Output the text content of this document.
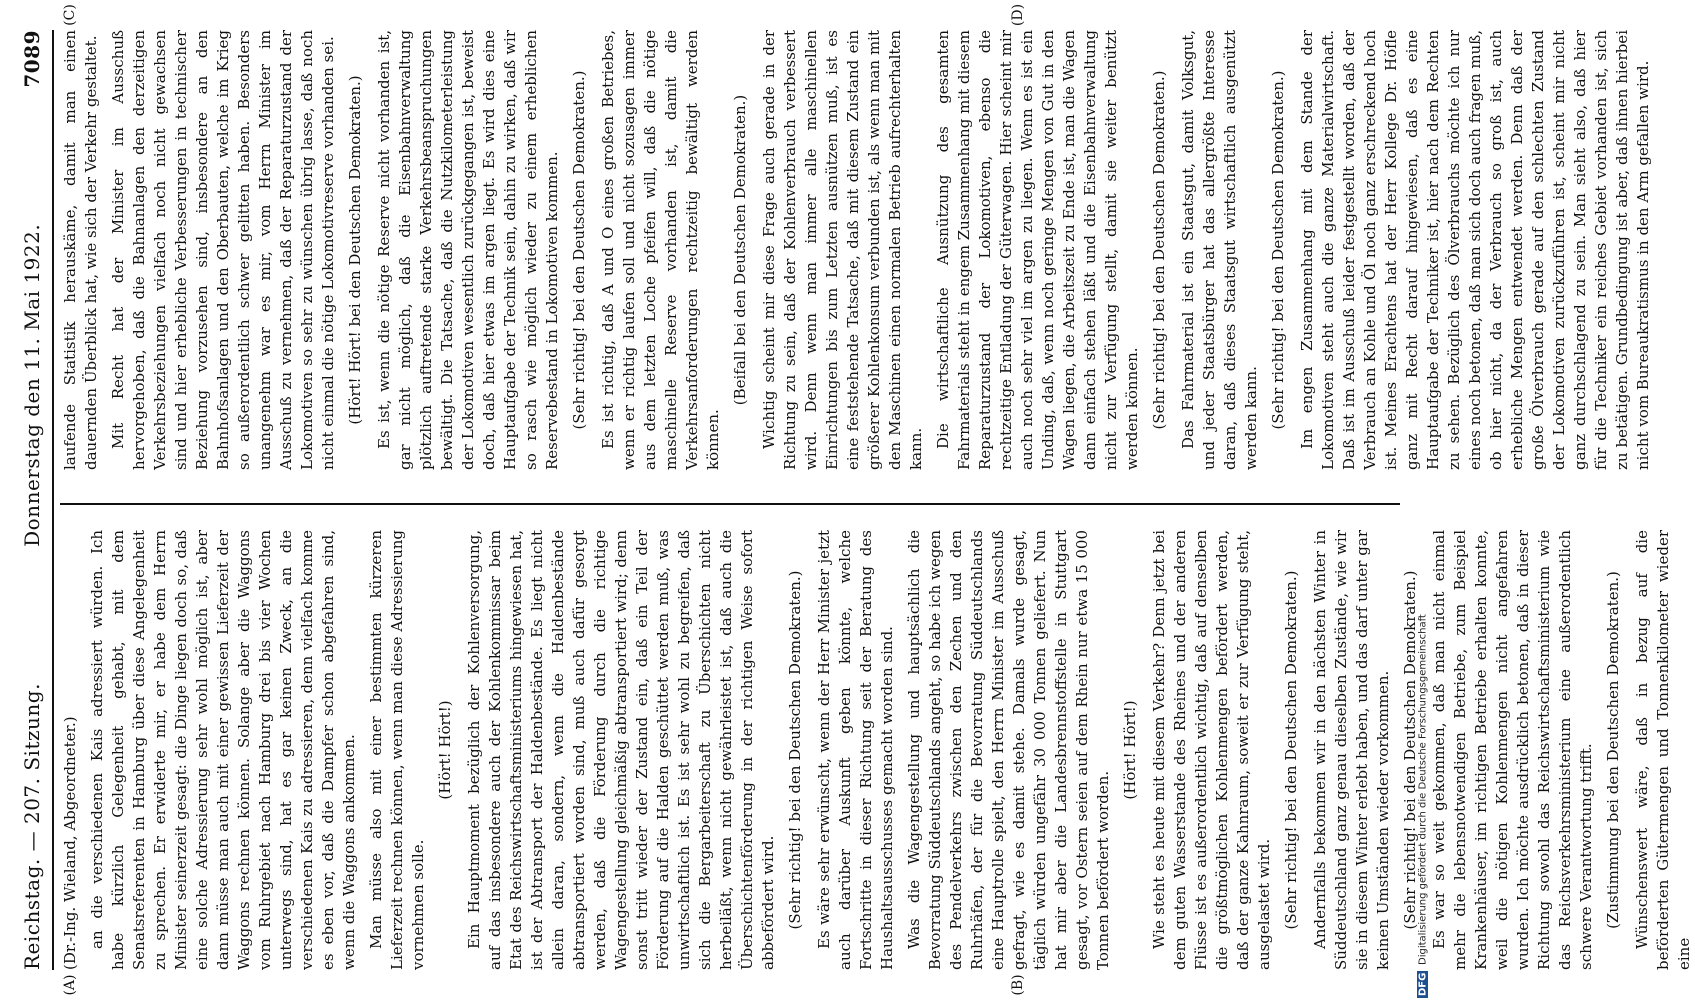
Reichstag. — 207. Sitzung.
Donnerstag den 11. Mai 1922.
7089
(A)	(B)
(C)	(D)

(Dr.-Ing. Wieland, Abgeordneter.) an die verschiedenen Kais adressiert würden. Ich habe kürzlich Gelegenheit gehabt, mit dem Senatsreferenten in Hamburg über diese Angelegenheit zu sprechen. Er erwiderte mir, er habe dem Herrn Minister seinerzeit gesagt: die Dinge liegen doch so, daß eine solche Adressierung sehr wohl möglich ist, aber dann müsse man auch mit einer gewissen Lieferzeit der Waggons rechnen können. Solange aber die Waggons vom Ruhrgebiet nach Hamburg drei bis vier Wochen unterwegs sind, hat es gar keinen Zweck, an die verschiedenen Kais zu adressieren, denn vielfach komme es eben vor, daß die Dampfer schon abgefahren sind, wenn die Waggons ankommen. Man müsse also mit einer bestimmten kürzeren Lieferzeit rechnen können, wenn man diese Adressierung vornehmen solle.

(Hört! Hört!) Ein Hauptmoment bezüglich der Kohlenversorgung, auf das insbesondere auch der Kohlenkommissar beim Etat des Reichswirtschaftsministeriums hingewiesen hat, ist der Abtransport der Haldenbestände. Es liegt nicht allein daran, sondern, wenn die Haldenbestände abtransportiert worden sind, muß auch dafür gesorgt werden, daß die Förderung durch die richtige Wagengestellung gleichmäßig abtransportiert wird; denn sonst tritt wieder der Zustand ein, daß ein Teil der Förderung auf die Halden geschüttet werden muß, was unwirtschaftlich ist. Es ist sehr wohl zu begreifen, daß sich die Bergarbeiterschaft zu Überschichten nicht herbeiläßt, wenn nicht gewährleistet ist, daß auch die Überschichtenförderung in der richtigen Weise sofort abbefördert wird. (Sehr richtig! bei den Deutschen Demokraten.) Es wäre sehr erwünscht, wenn der Herr Minister jetzt auch darüber Auskunft geben könnte, welche Fortschritte in dieser Richtung seit der Beratung des Haushaltsausschusses gemacht worden sind. Was die Wagengestellung und hauptsächlich die Bevorratung Süddeutschlands angeht, so habe ich wegen des Pendelverkehrs zwischen den Zechen und den Ruhrhäfen, der für die Bevorratung Süddeutschlands eine Hauptrolle spielt, den Herrn Minister im Ausschuß gefragt, wie es damit stehe. Damals wurde gesagt, täglich würden ungefähr 30 000 Tonnen geliefert. Nun hat mir aber die Landesbrennstoffstelle in Stuttgart gesagt, vor Ostern seien auf dem Rhein nur etwa 15 000 Tonnen befördert worden.

(Hört! Hört!) Wie steht es heute mit diesem Verkehr? Denn jetzt bei dem guten Wasserstande des Rheines und der anderen Flüsse ist es außerordentlich wichtig, daß auf denselben die größtmöglichen Kohlenmengen befördert werden, daß der ganze Kahnraum, soweit er zur Verfügung steht, ausgelastet wird. (Sehr richtig! bei den Deutschen Demokraten.) Andernfalls bekommen wir in den nächsten Winter in Süddeutschland ganz genau dieselben Zustände, wie wir sie in diesem Winter erlebt haben, und das darf unter gar keinen Umständen wieder vorkommen. (Sehr richtig! bei den Deutschen Demokraten.) Es war so weit gekommen, daß man nicht einmal mehr die lebensnotwendigen Betriebe, zum Beispiel Krankenhäuser, im richtigen Betriebe erhalten konnte, weil die nötigen Kohlenmengen nicht angefahren wurden. Ich möchte ausdrücklich betonen, daß in dieser Richtung sowohl das Reichswirtschaftsministerium wie das Reichsverkehrsministerium eine außerordentlich schwere Verantwortung trifft. (Zustimmung bei den Deutschen Demokraten.) Wünschenswert wäre, daß in bezug auf die beförderten Gütermengen und Tonnenkilometer wieder eine

laufende Statistik herauskäme, damit man einen dauernden Überblick hat, wie sich der Verkehr gestaltet. Mit Recht hat der Minister im Ausschuß hervorgehoben, daß die Bahnanlagen den derzeitigen Verkehrsbeziehungen vielfach noch nicht gewachsen sind und hier erhebliche Verbesserungen in technischer Beziehung vorzusehen sind, insbesondere an den Bahnhofsanlagen und den Oberbauten, welche im Krieg so außerordentlich schwer gelitten haben. Besonders unangenehm war es mir, vom Herrn Minister im Ausschuß zu vernehmen, daß der Reparaturzustand der Lokomotiven so sehr zu wünschen übrig lasse, daß noch nicht einmal die nötige Lokomotivreserve vorhanden sei. (Hört! Hört! bei den Deutschen Demokraten.) Es ist, wenn die nötige Reserve nicht vorhanden ist, gar nicht möglich, daß die Eisenbahnverwaltung plötzlich auftretende starke Verkehrsbeanspruchungen bewältigt. Die Tatsache, daß die Nutzkilometerleistung der Lokomotiven wesentlich zurückgegangen ist, beweist doch, daß hier etwas im argen liegt. Es wird dies eine Hauptaufgabe der Technik sein, dahin zu wirken, daß wir so rasch wie möglich wieder zu einem erheblichen Reservebestand in Lokomotiven kommen. (Sehr richtig! bei den Deutschen Demokraten.) Es ist richtig, daß A und O eines großen Betriebes, wenn er richtig laufen soll und nicht sozusagen immer aus dem letzten Loche pfeifen will, daß die nötige maschinelle Reserve vorhanden ist, damit die Verkehrsanforderungen rechtzeitig bewältigt werden können.

(Beifall bei den Deutschen Demokraten.) Wichtig scheint mir diese Frage auch gerade in der Richtung zu sein, daß der Kohlenverbrauch verbessert wird. Denn wenn man immer alle maschinellen Einrichtungen bis zum Letzten ausnützen muß, ist es eine feststehende Tatsache, daß mit diesem Zustand ein größerer Kohlenkonsum verbunden ist, als wenn man mit den Maschinen einen normalen Betrieb aufrechterhalten kann. Die wirtschaftliche Ausnützung des gesamten Fahrmaterials steht in engem Zusammenhang mit diesem Reparaturzustand der Lokomotiven, ebenso die rechtzeitige Entladung der Güterwagen. Hier scheint mir auch noch sehr viel im argen zu liegen. Wenn es ist ein Unding, daß, wenn noch geringe Mengen von Gut in den Wagen liegen, die Arbeitszeit zu Ende ist, man die Wagen dann einfach stehen läßt und die Eisenbahnverwaltung nicht zur Verfügung stellt, damit sie weiter benützt werden können. (Sehr richtig! bei den Deutschen Demokraten.) Das Fahrmaterial ist ein Staatsgut, damit Volksgut, und jeder Staatsbürger hat das allergrößte Interesse daran, daß dieses Staatsgut wirtschaftlich ausgenützt werden kann. (Sehr richtig! bei den Deutschen Demokraten.) Im engen Zusammenhang mit dem Stande der Lokomotiven steht auch die ganze Materialwirtschaft. Daß ist im Ausschuß leider festgestellt worden, daß der Verbrauch an Kohle und Öl noch ganz erschreckend hoch ist. Meines Erachtens hat der Herr Kollege Dr. Höfle ganz mit Recht darauf hingewiesen, daß es eine Hauptaufgabe der Techniker ist, hier nach dem Rechten zu sehen. Bezüglich des Ölverbrauchs möchte ich nur eines noch betonen, daß man sich doch auch fragen muß, ob hier nicht, da der Verbrauch so groß ist, auch erhebliche Mengen entwendet werden. Denn daß der große Ölverbrauch gerade auf den schlechten Zustand der Lokomotiven zurückzuführen ist, scheint mir nicht ganz durchschlagend zu sein. Man sieht also, daß hier für die Techniker ein reiches Gebiet vorhanden ist, sich zu betätigen. Grundbedingung ist aber, daß ihnen hierbei nicht vom Bureaukratismus in den Arm gefallen wird.

DFG
Digitalisierung gefördert durch die Deutsche Forschungsgemeinschaft
